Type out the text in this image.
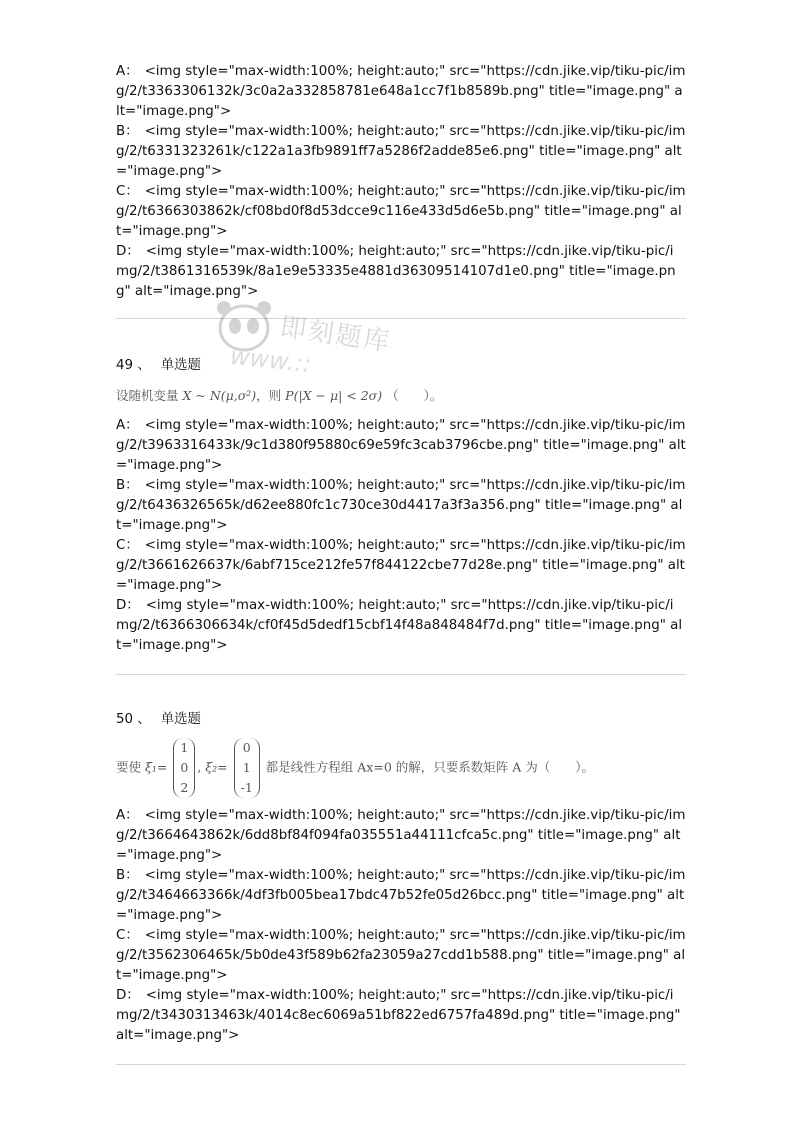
A： <img style="max-width:100%; height:auto;" src="https://cdn.jike.vip/tiku-pic/img/2/t3363306132k/3c0a2a332858781e648a1cc7f1b8589b.png" title="image.png" alt="image.png">

B： <img style="max-width:100%; height:auto;" src="https://cdn.jike.vip/tiku-pic/img/2/t6331323261k/c122a1a3fb9891ff7a5286f2adde85e6.png" title="image.png" alt="image.png">

C： <img style="max-width:100%; height:auto;" src="https://cdn.jike.vip/tiku-pic/img/2/t6366303862k/cf08bd0f8d53dcce9c116e433d5d6e5b.png" title="image.png" alt="image.png">

D： <img style="max-width:100%; height:auto;" src="https://cdn.jike.vip/tiku-pic/img/2/t3861316539k/8a1e9e53335e4881d36309514107d1e0.png" title="image.png" alt="image.png">

即刻题库
www.::
49 、 单选题
设随机变量 X ~ N(μ,σ²)，则 P(|X − μ| < 2σ) （　　）。

A： <img style="max-width:100%; height:auto;" src="https://cdn.jike.vip/tiku-pic/img/2/t3963316433k/9c1d380f95880c69e59fc3cab3796cbe.png" title="image.png" alt="image.png">

B： <img style="max-width:100%; height:auto;" src="https://cdn.jike.vip/tiku-pic/img/2/t6436326565k/d62ee880fc1c730ce30d4417a3f3a356.png" title="image.png" alt="image.png">

C： <img style="max-width:100%; height:auto;" src="https://cdn.jike.vip/tiku-pic/img/2/t3661626637k/6abf715ce212fe57f844122cbe77d28e.png" title="image.png" alt="image.png">

D： <img style="max-width:100%; height:auto;" src="https://cdn.jike.vip/tiku-pic/img/2/t6366306634k/cf0f45d5dedf15cbf14f48a848484f7d.png" title="image.png" alt="image.png">

50 、 单选题
要使 ξ₁= 1
0
2, ξ₂= 0
1
-1 都是线性方程组 Ax=0 的解，只要系数矩阵 A 为（　　）。

A： <img style="max-width:100%; height:auto;" src="https://cdn.jike.vip/tiku-pic/img/2/t3664643862k/6dd8bf84f094fa035551a44111cfca5c.png" title="image.png" alt="image.png">

B： <img style="max-width:100%; height:auto;" src="https://cdn.jike.vip/tiku-pic/img/2/t3464663366k/4df3fb005bea17bdc47b52fe05d26bcc.png" title="image.png" alt="image.png">

C： <img style="max-width:100%; height:auto;" src="https://cdn.jike.vip/tiku-pic/img/2/t3562306465k/5b0de43f589b62fa23059a27cdd1b588.png" title="image.png" alt="image.png">

D： <img style="max-width:100%; height:auto;" src="https://cdn.jike.vip/tiku-pic/img/2/t3430313463k/4014c8ec6069a51bf822ed6757fa489d.png" title="image.png" alt="image.png">
